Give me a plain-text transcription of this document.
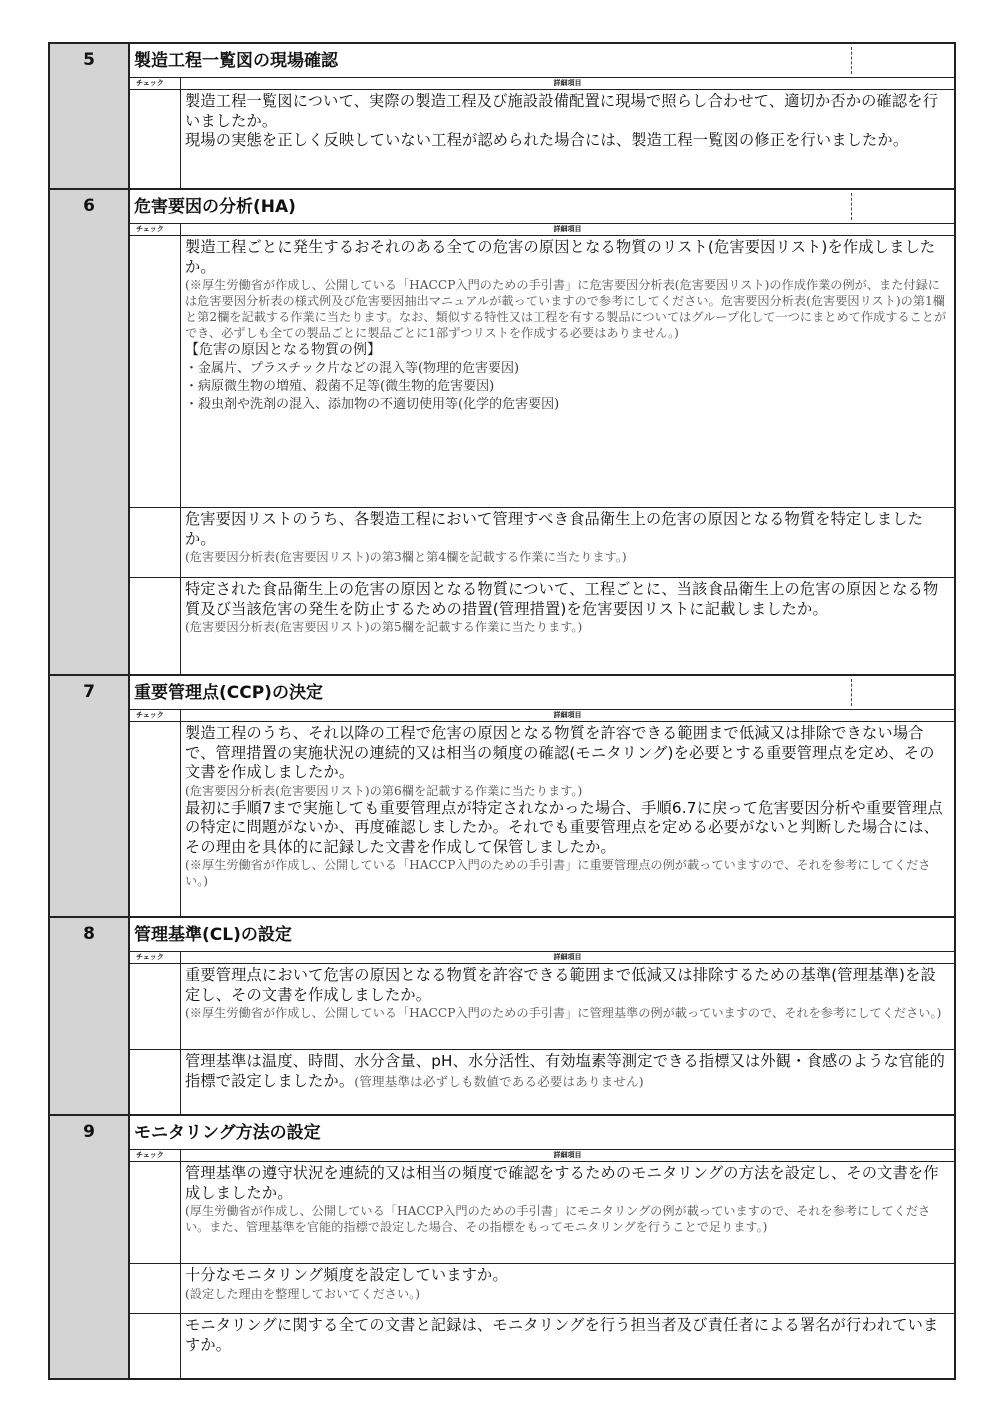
5	製造工程一覧図の現場確認
チェック	詳細項目
製造工程一覧図について、実際の製造工程及び施設設備配置に現場で照らし合わせて、適切か否かの確認を行いましたか。
現場の実態を正しく反映していない工程が認められた場合には、製造工程一覧図の修正を行いましたか。
6	危害要因の分析(HA)
チェック	詳細項目
製造工程ごとに発生するおそれのある全ての危害の原因となる物質のリスト(危害要因リスト)を作成しましたか。
(※厚生労働省が作成し、公開している「HACCP入門のための手引書」に危害要因分析表(危害要因リスト)の作成作業の例が、また付録には危害要因分析表の様式例及び危害要因抽出マニュアルが載っていますので参考にしてください。危害要因分析表(危害要因リスト)の第1欄と第2欄を記載する作業に当たります。なお、類似する特性又は工程を有する製品についてはグループ化して一つにまとめて作成することができ、必ずしも全ての製品ごとに製品ごとに1部ずつリストを作成する必要はありません。)
【危害の原因となる物質の例】
・金属片、プラスチック片などの混入等(物理的危害要因)
・病原微生物の増殖、殺菌不足等(微生物的危害要因)
・殺虫剤や洗剤の混入、添加物の不適切使用等(化学的危害要因)
危害要因リストのうち、各製造工程において管理すべき食品衛生上の危害の原因となる物質を特定しましたか。
(危害要因分析表(危害要因リスト)の第3欄と第4欄を記載する作業に当たります。)
特定された食品衛生上の危害の原因となる物質について、工程ごとに、当該食品衛生上の危害の原因となる物質及び当該危害の発生を防止するための措置(管理措置)を危害要因リストに記載しましたか。
(危害要因分析表(危害要因リスト)の第5欄を記載する作業に当たります。)
7	重要管理点(CCP)の決定
チェック	詳細項目
製造工程のうち、それ以降の工程で危害の原因となる物質を許容できる範囲まで低減又は排除できない場合で、管理措置の実施状況の連続的又は相当の頻度の確認(モニタリング)を必要とする重要管理点を定め、その文書を作成しましたか。
(危害要因分析表(危害要因リスト)の第6欄を記載する作業に当たります。)
最初に手順7まで実施しても重要管理点が特定されなかった場合、手順6.7に戻って危害要因分析や重要管理点の特定に問題がないか、再度確認しましたか。それでも重要管理点を定める必要がないと判断した場合には、その理由を具体的に記録した文書を作成して保管しましたか。
(※厚生労働省が作成し、公開している「HACCP入門のための手引書」に重要管理点の例が載っていますので、それを参考にしてください。)
8	管理基準(CL)の設定
チェック	詳細項目
重要管理点において危害の原因となる物質を許容できる範囲まで低減又は排除するための基準(管理基準)を設定し、その文書を作成しましたか。
(※厚生労働省が作成し、公開している「HACCP入門のための手引書」に管理基準の例が載っていますので、それを参考にしてください。)
管理基準は温度、時間、水分含量、pH、水分活性、有効塩素等測定できる指標又は外観・食感のような官能的指標で設定しましたか。(管理基準は必ずしも数値である必要はありません)
9	モニタリング方法の設定
チェック	詳細項目
管理基準の遵守状況を連続的又は相当の頻度で確認をするためのモニタリングの方法を設定し、その文書を作成しましたか。
(厚生労働省が作成し、公開している「HACCP入門のための手引書」にモニタリングの例が載っていますので、それを参考にしてください。また、管理基準を官能的指標で設定した場合、その指標をもってモニタリングを行うことで足ります。)
十分なモニタリング頻度を設定していますか。
(設定した理由を整理しておいてください。)
モニタリングに関する全ての文書と記録は、モニタリングを行う担当者及び責任者による署名が行われていますか。
